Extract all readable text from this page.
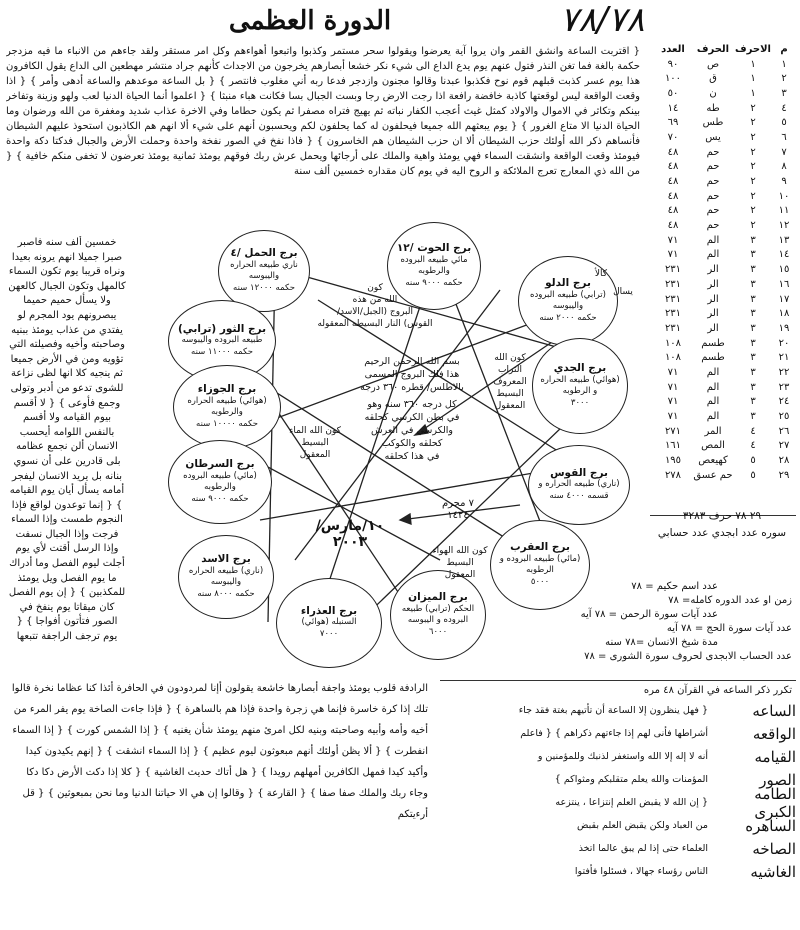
الدورة العظمى	٧٨/٧٨
{ اقتربت الساعة وانشق القمر وان يروا آية يعرضوا ويقولوا سحر مستمر وكذبوا واتبعوا أهواءهم وكل امر مستقر ولقد جاءهم من الانباء ما فيه مزدجر حكمة بالغة فما تغن النذر فتول عنهم يوم يدع الداع الى شيء نكر خشعا أبصارهم يخرجون من الاجداث كأنهم جراد منتشر مهطعين الى الداع يقول الكافرون هذا يوم عسر كذبت قبلهم قوم نوح فكذبوا عبدنا وقالوا مجنون وازدجر فدعا ربه أني مغلوب فانتصر } { بل الساعة موعدهم والساعة أدهى وأمر } { اذا وقعت الواقعة ليس لوقعتها كاذبة خافضة رافعة اذا رجت الارض رجا وبست الجبال بسا فكانت هباء منبثا } { اعلموا أنما الحياة الدنيا لعب ولهو وزينة وتفاخر بينكم وتكاثر في الاموال والاولاد كمثل غيث أعجب الكفار نباته ثم يهيج فتراه مصفرا ثم يكون حطاما وفي الاخرة عذاب شديد ومغفرة من الله ورضوان وما الحياة الدنيا الا متاع الغرور } { يوم يبعثهم الله جميعا فيحلفون له كما يحلفون لكم ويحسبون أنهم على شيء ألا انهم هم الكاذبون استحوذ عليهم الشيطان فأنساهم ذكر الله أولئك حزب الشيطان ألا ان حزب الشيطان هم الخاسرون } { فاذا نفخ في الصور نفخة واحدة وحملت الأرض والجبال فدكتا دكة واحدة فيومئذ وقعت الواقعة وانشقت السماء فهي يومئذ واهية والملك على أرجائها ويحمل عرش ربك فوقهم يومئذ ثمانية يومئذ تعرضون لا تخفى منكم خافية } { من الله ذي المعارج تعرج الملائكة و الروح اليه في يوم كان مقداره خمسين ألف سنة
خمسين ألف سنه فاصبر صبرا جميلا انهم يرونه بعيدا ونراه قريبا يوم تكون السماء كالمهل وتكون الجبال كالعهن ولا يسأل حميم حميما يبصرونهم يود المجرم لو يفتدي من عذاب يومئذ ببنيه وصاحبته وأخيه وفصيلته التي تؤويه ومن في الأرض جميعا ثم ينجيه كلا انها لظى نزاعة للشوى تدعو من أدبر وتولى وجمع فأوعى } { لا أقسم بيوم القيامه ولا أقسم بالنفس اللوامه أيحسب الانسان ألن نجمع عظامه بلى قادرين على أن نسوي بنانه بل يريد الانسان ليفجر أمامه يسأل أيان يوم القيامه } { إنما توعدون لواقع فإذا النجوم طمست وإذا السماء فرجت وإذا الجبال نسفت وإذا الرسل أقتت لأي يوم أجلت ليوم الفصل وما أدراك ما يوم الفصل ويل يومئذ للمكذبين } { إن يوم الفصل كان ميقاتا يوم ينفخ في الصور فتأتون أفواجا } { يوم ترجف الراجفة تتبعها
الرادفة قلوب يومئذ واجفة أبصارها خاشعة يقولون أإنا لمردودون في الحافرة أئذا كنا عظاما نخرة قالوا تلك إذا كرة خاسرة فإنما هي زجرة واحدة فإذا هم بالساهرة } { فإذا جاءت الصاخة يوم يفر المرء من أخيه وأمه وأبيه وصاحبته وبنيه لكل امرئ منهم يومئذ شأن يغنيه } { إذا الشمس كورت } { إذا السماء انفطرت } { ألا يظن أولئك أنهم مبعوثون ليوم عظيم } { إذا السماء انشقت } { إنهم يكيدون كيدا وأكيد كيدا فمهل الكافرين أمهلهم رويدا } { هل أتاك حديث الغاشية } { كلا إذا دكت الأرض دكا دكا وجاء ربك والملك صفا صفا } { القارعة } { وقالوا إن هي الا حياتنا الدنيا وما نحن بمبعوثين } { قل أرءيتكم
م
الاحرف
الحرف
العدد
١
١
ص
٩٠
٢
١
ق
١٠٠
٣
١
ن
٥٠
٤
٢
طه
١٤
٥
٢
طس
٦٩
٦
٢
يس
٧٠
٧
٢
حم
٤٨
٨
٢
حم
٤٨
٩
٢
حم
٤٨
١٠
٢
حم
٤٨
١١
٢
حم
٤٨
١٢
٢
حم
٤٨
١٣
٣
الم
٧١
١٤
٣
الم
٧١
١٥
٣
الر
٢٣١
١٦
٣
الر
٢٣١
١٧
٣
الر
٢٣١
١٨
٣
الر
٢٣١
١٩
٣
الر
٢٣١
٢٠
٣
طسم
١٠٨
٢١
٣
طسم
١٠٨
٢٢
٣
الم
٧١
٢٣
٣
الم
٧١
٢٤
٣
الم
٧١
٢٥
٣
الم
٧١
٢٦
٤
المر
٢٧١
٢٧
٤
المص
١٦١
٢٨
٥
كهيعص
١٩٥
٢٩
٥
حم عسق
٢٧٨
٢٩ ٧٨ حرف ٣٢٨٣
سوره عدد ابجدي عدد حسابي
عدد اسم حكيم = ٧٨
زمن او عدد الدوره كامله= ٧٨
عدد آيات سورة الرحمن = ٧٨ آيه
عدد آيات سورة الحج = ٧٨ آيه
مدة شيخ الانسان =٧٨ سنه
عدد الحساب الابجدى لحروف سورة الشورى = ٧٨
تكرر ذكر الساعه في القرآن ٤٨ مره
الساعه
{ فهل ينظرون إلا الساعة أن تأتيهم بغتة فقد جاء
الواقعه
أشراطها فأنى لهم إذا جاءتهم ذكراهم } { فاعلم
القيامه
أنه لا إله إلا الله واستغفر لذنبك وللمؤمنين و
الصور
المؤمنات والله يعلم متقلبكم ومثواكم }
الطامه الكبرى
{ إن الله لا يقبض العلم إنتزاعا ، ينتزعه
الساهره
من العباد ولكن يقبض العلم بقبض
الصاخه
العلماء حتى إذا لم يبق عالما اتخذ
الغاشيه
الناس رؤساء جهالا ، فسئلوا فأفتوا
برج الحمل /٤
ناري طبيعه الحراره واليبوسه
حكمه ١٢٠٠٠ سنه
برج الحوت /١٢
مائي طبيعه البروده والرطوبه
حكمه ٩٠٠٠ سنه
برج الثور (ترابي)
طبيعه البروده واليبوسه
حكمه ١١٠٠٠ سنه
برج الدلو
(ترابي) طبيعه البروده واليبوسه
حكمه ٢٠٠٠ سنه
برج الجوزاء
(هوائي) طبيعه الحراره والرطوبه
حكمه ١٠٠٠٠ سنه
برج الجدي
(هوائي) طبيعه الحراره و الرطوبه
٣٠٠٠
برج السرطان
(مائي) طبيعه البروده والرطوبه
حكمه ٩٠٠٠ سنه
برج القوس
(ناري) طبيعه الحراره و
قسمه ٤٠٠٠ سنه
برج الاسد
(ناري) طبيعه الحراره واليبوسه
حكمه ٨٠٠٠ سنه
برج العقرب
(مائي) طبيعه البروده و الرطوبه
٥٠٠٠
برج العذراء
السنبله (هوائي)
٧٠٠٠
برج الميزان
الحكم (ترابي) طبيعه البروده و اليبوسه
٦٠٠٠
بسم الله الرحمن الرحيم
هذا فلك البروج المسمى
بالاطلس/ قطره ٣٦٠ درجه
كل درجه ٣٦٠ سنه وهو
في بطن الكرسي كحلقه
والكرسي في العرش
كحلقه والكوكب
في هذا كحلقه
كون
الله من هذه
البروج (الجبل/الاسد/
القوس) النار البسيطه المعقوله
كون الله
التراب
المعروف
البسيط
المعقول
كون الله الماء
البسيط
المعقول
كون الله الهواء
البسيط
المعقول
١٠/مارس/
٢٠٠٣
٧ محرم
١٤٢٤
يسال
كالأ
